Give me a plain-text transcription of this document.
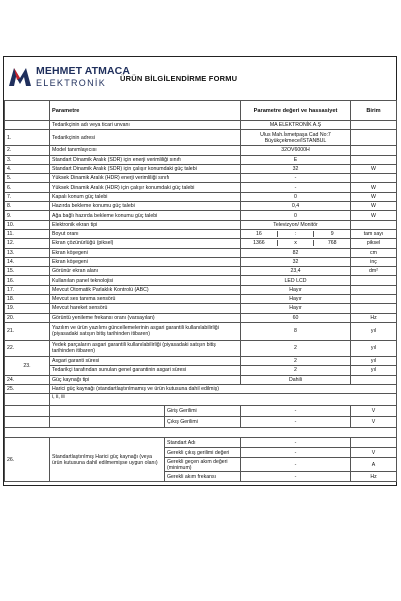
MEHMET ATMACA
ELEKTRONİK ÜRÜN BİLGİLENDİRME FORMU
	Parametre		Parametre değeri ve hassasiyet	Birim
	Tedarikçinin adı veya ticari unvanı		MA ELEKTRONİK A.Ş	
1.	Tedarikçinin adresi		Ulus Mah.İsmetpaşa Cad No:7 Büyükçekmece/İSTANBUL	
2.	Model tanımlayıcısı		32OV6000H	
3.	Standart Dinamik Aralık (SDR) için enerji verimliliği sınıfı		E	
4.	Standart Dinamik Aralık (SDR) için çalışır konumdaki güç talebi		32	W
5.	Yüksek Dinamik Aralık (HDR) enerji verimliliği sınıfı		-	
6.	Yüksek Dinamik Aralık (HDR) için çalışır konumdaki güç talebi		-	W
7.	Kapalı konum güç talebi		0	W
8.	Hazırda bekleme konumu güç talebi		0,4	W
9.	Ağa bağlı hazırda bekleme konumu güç talebi		0	W
10.	Elektronik ekran tipi		Televizyon/ Monitör	
11.	Boyut oranı		16 : 9	tam sayı
12.	Ekran çözünürlüğü (piksel)		1366 x 768	piksel
13.	Ekran köşegeni		82	cm
14.	Ekran köşegeni		32	inç
15.	Görünür ekran alanı		23,4	dm²
16.	Kullanılan panel teknolojisi		LED LCD	
17.	Mevcut Otomatik Parlaklık Kontrolü (ABC)		Hayır	
18.	Mevcut ses tanıma sensörü		Hayır	
19.	Mevcut hareket sensörü		Hayır	
20.	Görüntü yenileme frekansı oranı (varsayılan)		60	Hz
21.	Yazılım ve ürün yazılımı güncellemelerinin asgari garantili kullanılabilirliği (piyasadaki satışın bitiş tarihinden itibaren)		8	yıl
22.	Yedek parçaların asgari garantili kullanılabilirliği (piyasadaki satışın bitiş tarihinden itibaren)		2	yıl
23.	Asgari garanti süresi		2	yıl
	Tedarikçi tarafından sunulan genel garantinin asgari süresi		2	yıl
24.	Güç kaynağı tipi		Dahili	
25.	Harici güç kaynağı (standartlaştırılmamış ve ürün kutusuna dahil edilmiş)			
	i, ii, iii			
		Giriş Gerilimi	-	V
		Çıkış Gerilimi	-	V

26.	Standartlaştırılmış Harici güç kaynağı (veya ürün kutusuna dahil edilmemişse uygun olanı)	Standart Adı	-	
		Gerekli çıkış gerilimi değeri	-	V
		Gerekli geçen akım değeri (minimum)	-	A
		Gerekli akım frekansı	-	Hz
